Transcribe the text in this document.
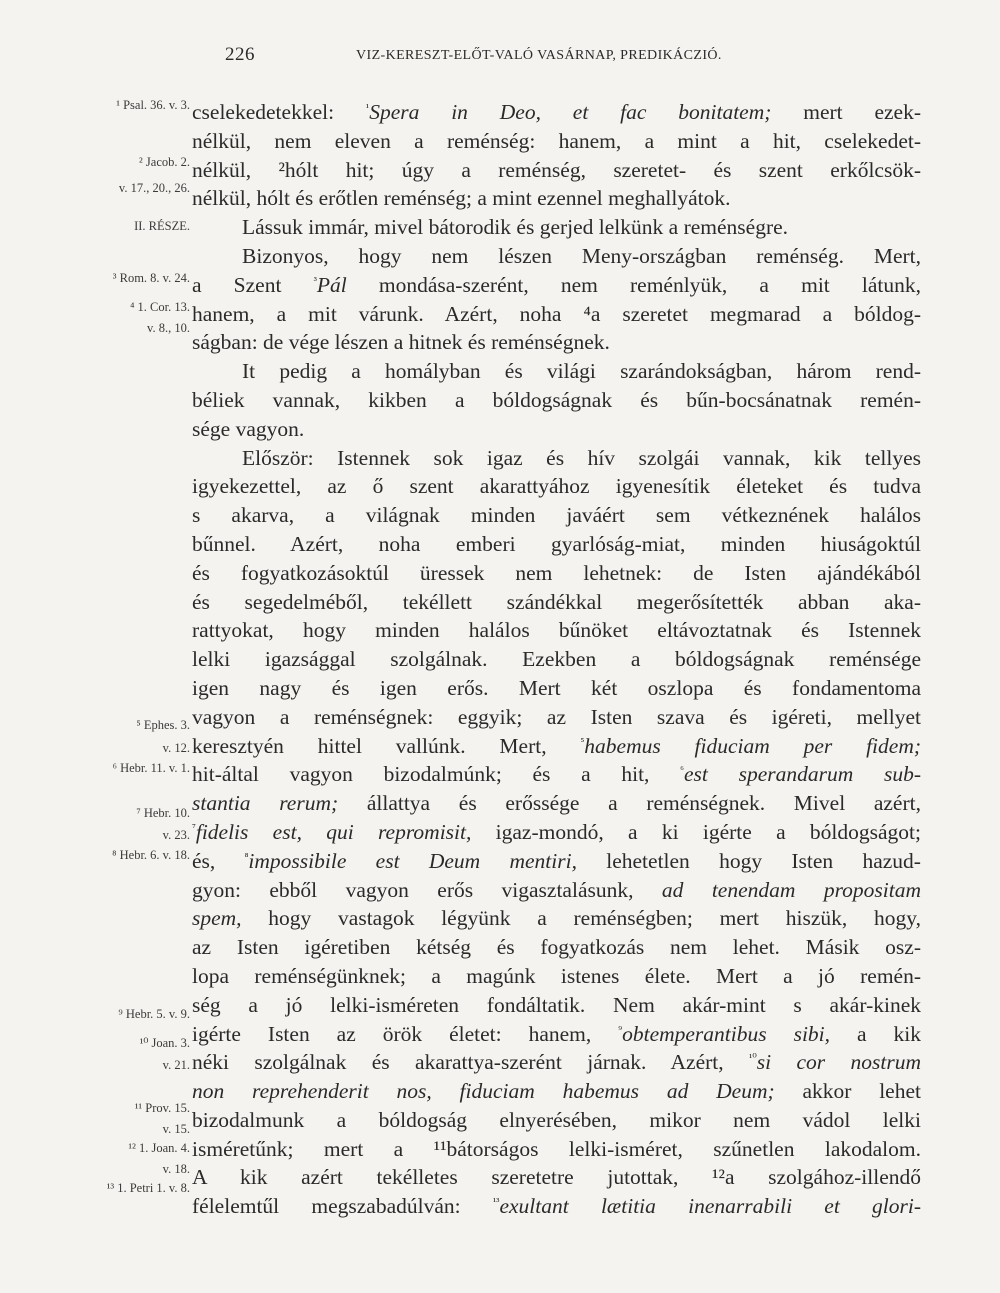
226	VIZ-KERESZT-ELŐT-VALÓ VASÁRNAP, PREDIKÁCZIÓ.
¹ Psal. 36. v. 3.
² Jacob. 2.
v. 17., 20., 26.
II. RÉSZE.
³ Rom. 8. v. 24.
⁴ 1. Cor. 13.
v. 8., 10.
⁵ Ephes. 3.
v. 12.
⁶ Hebr. 11. v. 1.
⁷ Hebr. 10.
v. 23.
⁸ Hebr. 6. v. 18.
⁹ Hebr. 5. v. 9.
¹⁰ Joan. 3.
v. 21.
¹¹ Prov. 15.
v. 15.
¹² 1. Joan. 4.
v. 18.
¹³ 1. Petri 1. v. 8.
cselekedetekkel: $^{^1}$Spera in Deo, et fac bonitatem; mert ezek-
nélkül, nem eleven a reménség: hanem, a mint a hit, cselekedet-
nélkül, ²hólt hit; úgy a reménség, szeretet- és szent erkőlcsök-
nélkül, hólt és erőtlen reménség; a mint ezennel meghallyátok.
Lássuk immár, mivel bátorodik és gerjed lelkünk a reménségre.
Bizonyos, hogy nem lészen Meny-országban reménség. Mert,
a Szent $^{^3}$Pál mondása-szerént, nem reménlyük, a mit látunk,
hanem, a mit várunk. Azért, noha ⁴a szeretet megmarad a bóldog-
ságban: de vége lészen a hitnek és reménségnek.
It pedig a homályban és világi szarándokságban, három rend-
béliek vannak, kikben a bóldogságnak és bűn-bocsánatnak remén-
sége vagyon.
Először: Istennek sok igaz és hív szolgái vannak, kik tellyes
igyekezettel, az ő szent akarattyához igyenesítik életeket és tudva
s akarva, a világnak minden javáért sem vétkeznének halálos
bűnnel. Azért, noha emberi gyarlóság-miat, minden hiuságoktúl
és fogyatkozásoktúl üressek nem lehetnek: de Isten ajándékából
és segedelméből, tekéllett szándékkal megerősítették abban aka-
rattyokat, hogy minden halálos bűnöket eltávoztatnak és Istennek
lelki igazsággal szolgálnak. Ezekben a bóldogságnak reménsége
igen nagy és igen erős. Mert két oszlopa és fondamentoma
vagyon a reménségnek: eggyik; az Isten szava és igéreti, mellyet
keresztyén hittel vallúnk. Mert, $^{^5}$habemus fiduciam per fidem;
hit-által vagyon bizodalmúnk; és a hit, $^{^6}$est sperandarum sub-
stantia rerum; állattya és erőssége a reménségnek. Mivel azért,
$^{^7}$fidelis est, qui repromisit, igaz-mondó, a ki igérte a bóldogságot;
és, $^{^8}$impossibile est Deum mentiri, lehetetlen hogy Isten hazud-
gyon: ebből vagyon erős vigasztalásunk, ad tenendam propositam
spem, hogy vastagok légyünk a reménségben; mert hiszük, hogy,
az Isten igéretiben kétség és fogyatkozás nem lehet. Másik osz-
lopa reménségünknek; a magúnk istenes élete. Mert a jó remén-
ség a jó lelki-isméreten fondáltatik. Nem akár-mint s akár-kinek
igérte Isten az örök életet: hanem, $^{^9}$obtemperantibus sibi, a kik
néki szolgálnak és akarattya-szerént járnak. Azért, $^{^{10}}$si cor nostrum
non reprehenderit nos, fiduciam habemus ad Deum; akkor lehet
bizodalmunk a bóldogság elnyerésében, mikor nem vádol lelki
isméretűnk; mert a ¹¹bátorságos lelki-isméret, szűnetlen lakodalom.
A kik azért tekélletes szeretetre jutottak, ¹²a szolgához-illendő
félelemtűl megszabadúlván: $^{^{13}}$exultant lætitia inenarrabili et glori-
